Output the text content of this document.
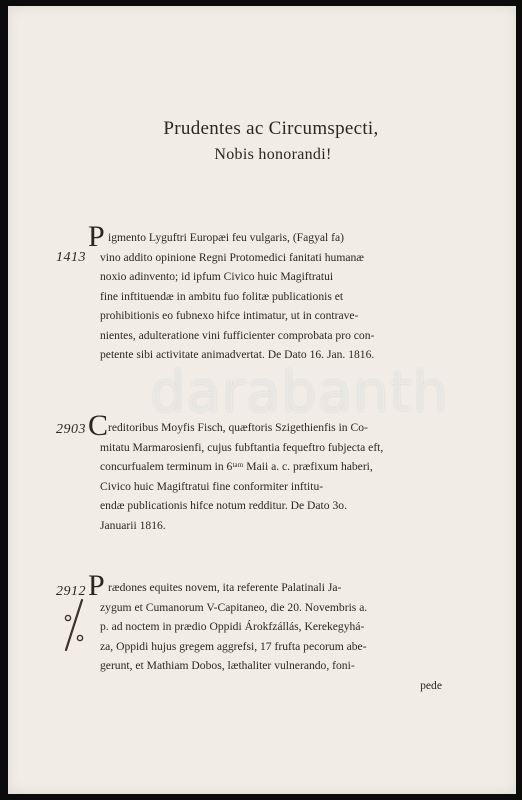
Prudentes ac Circumspecti,
Nobis honorandi!
1413
P igmento Lyguftri Europæi feu vulgaris, (Fagyal fa)
vino addito opinione Regni Protomedici fanitati humanæ
noxio adinvento; id ipfum Civico huic Magiftratui
fine inftituendæ in ambitu fuo folitæ publicationis et
prohibitionis eo fubnexo hifce intimatur, ut in contrave-
nientes, adulteratione vini fufficienter comprobata pro con-
petente sibi activitate animadvertat. De Dato 16. Jan. 1816.
2903 C reditoribus Moyfis Fisch, quæftoris Szigethienfis in Co-
mitatu Marmarosienfi, cujus fubftantia fequeftro fubjecta eft,
concurfualem terminum in 6ᵗᵃᵐ Maii a. c. præfixum haberi,
Civico huic Magiftratui fine conformiter inftitu-
endæ publicationis hifce notum redditur. De Dato 3o.
Januarii 1816.
2912 P rædones equites novem, ita referente Palatinali Ja-
zygum et Cumanorum V-Capitaneo, die 20. Novembris a.
p. ad noctem in prædio Oppidi Árokfzállás, Kerekegyhá-
za, Oppidi hujus gregem aggrefsi, 17 frufta pecorum abe-
gerunt, et Mathiam Dobos, læthaliter vulnerando, foni-
pede
darabanth
